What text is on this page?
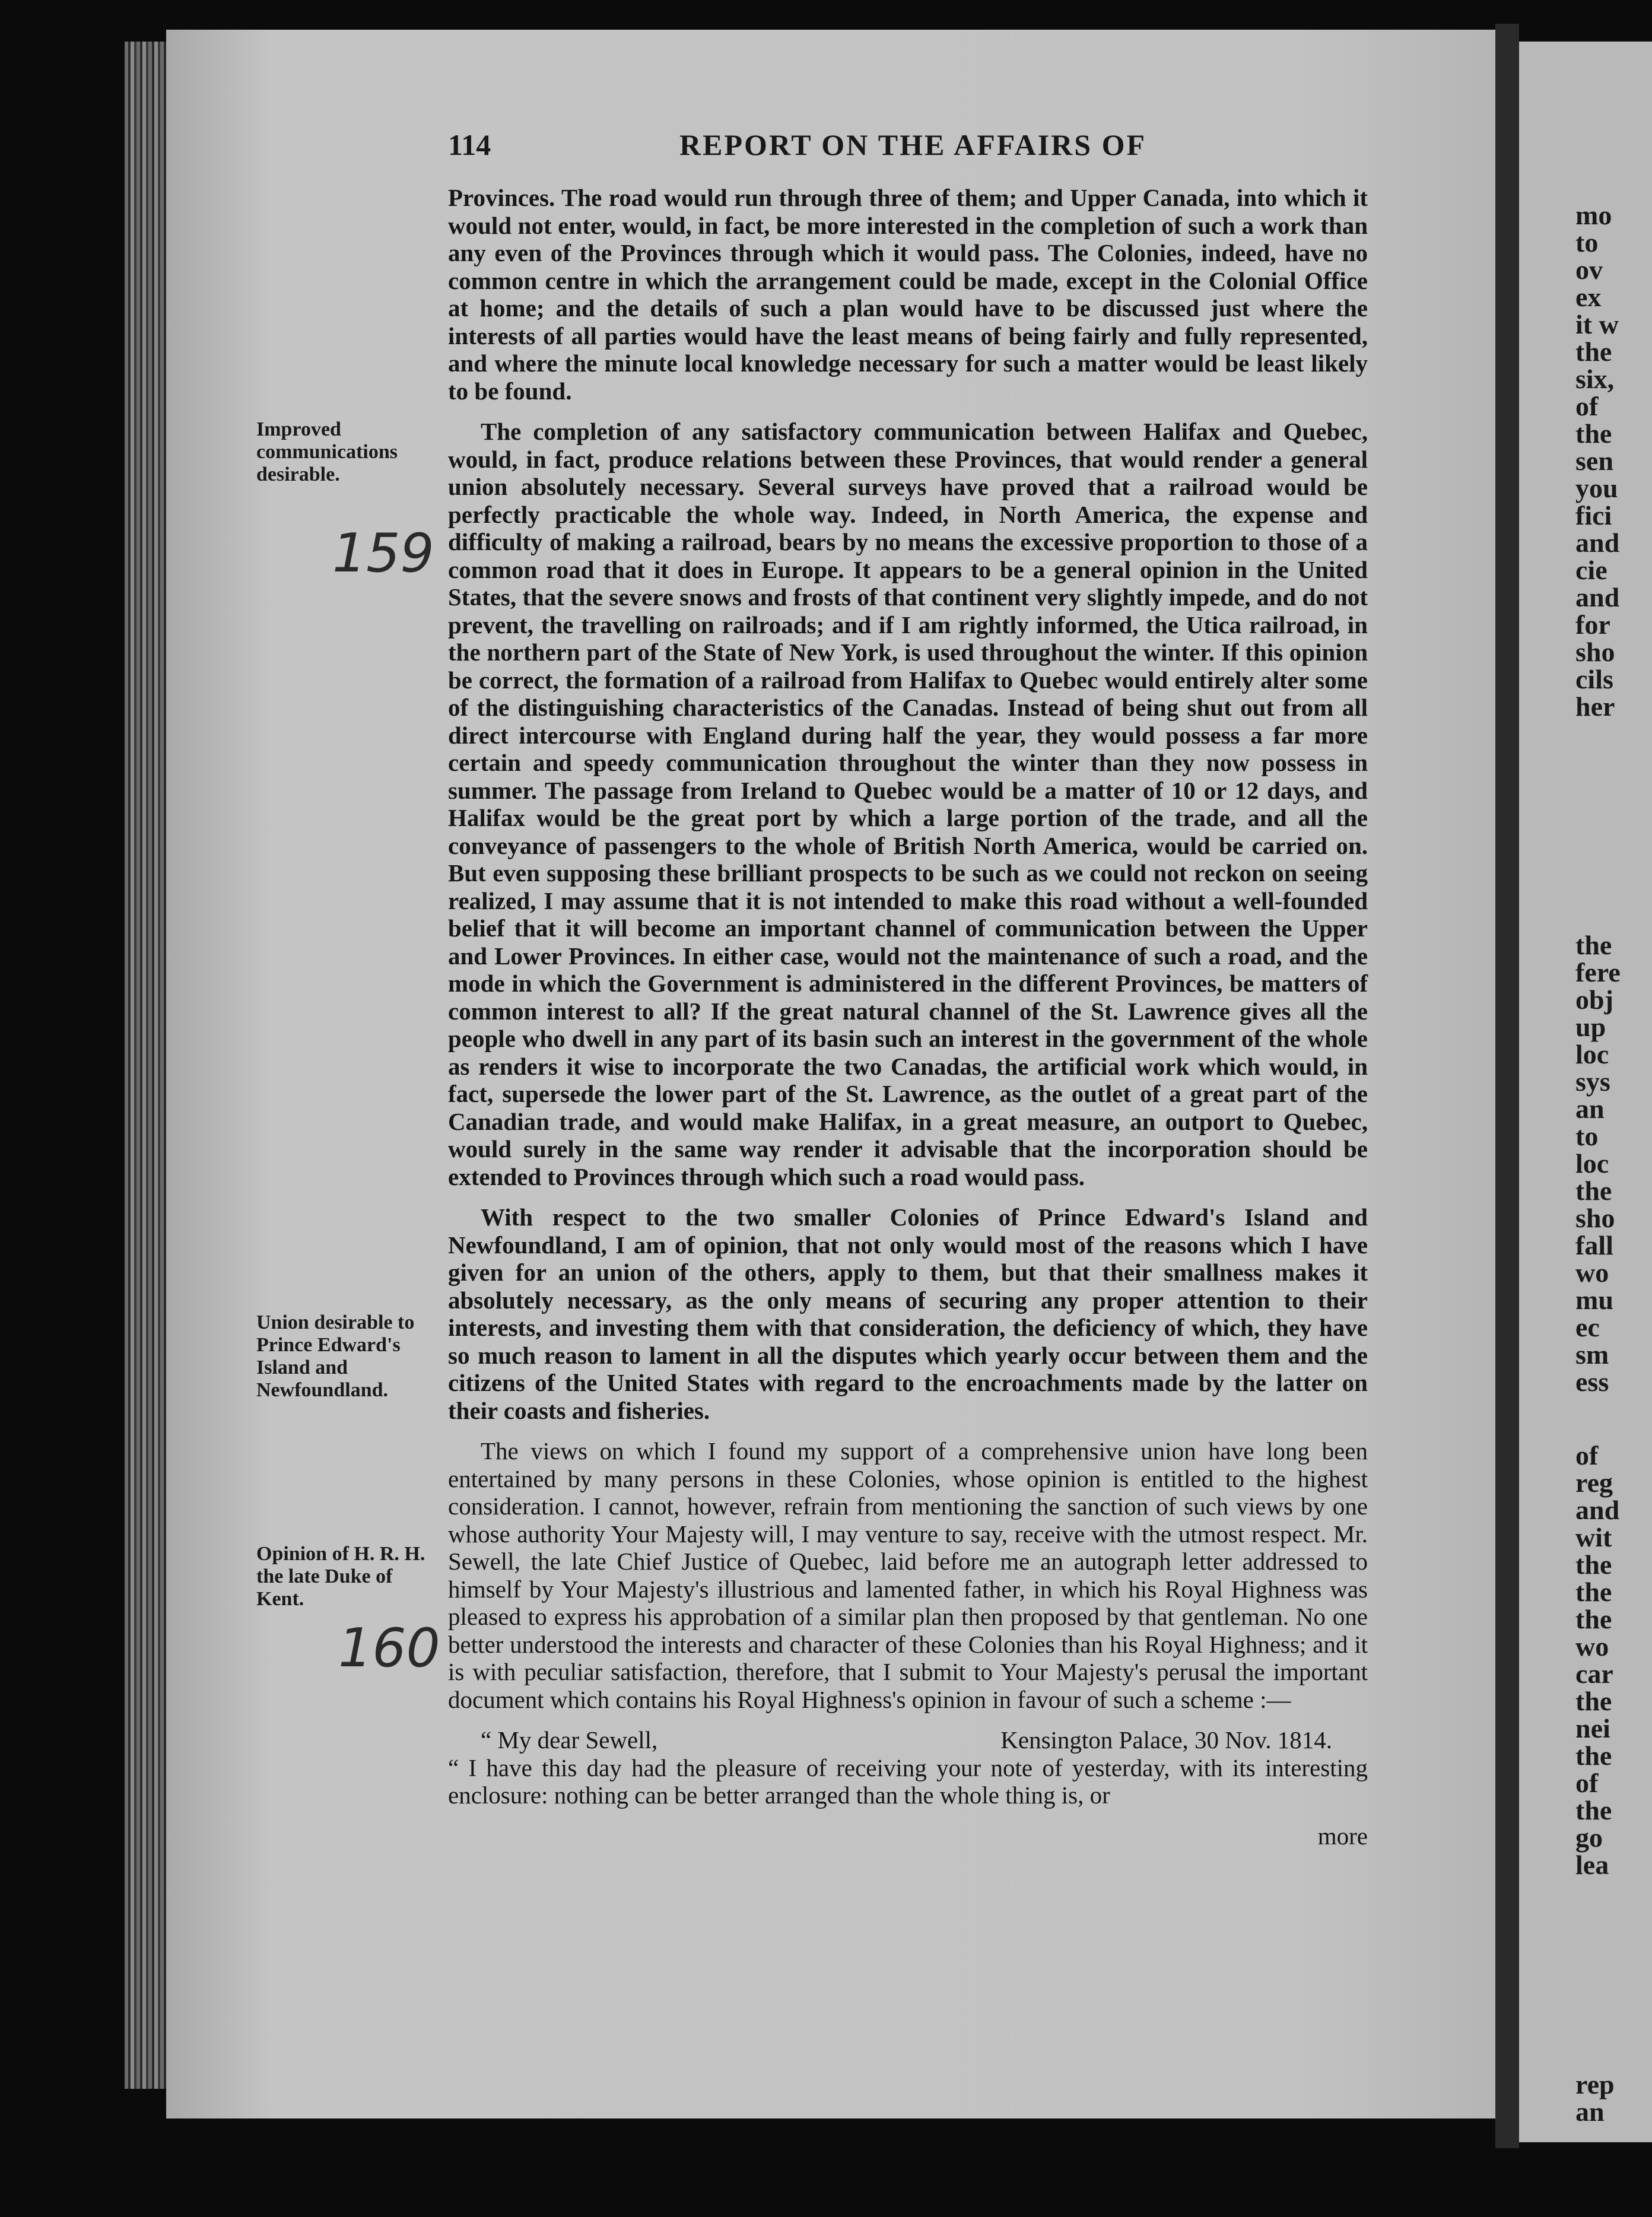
mo
to
ov
ex
it w
the
six,
of
the
sen
you
fici
and
cie
and
for
sho
cils
her
the
fere
obj
up
loc
sys
an
to
loc
the
sho
fall
wo
mu
ec
sm
ess
of
reg
and
wit
the
the
the
wo
car
the
nei
the
of
the
go
lea
rep
an
114	REPORT ON THE AFFAIRS OF
Improved communications desirable.
159
Union desirable to Prince Edward's Island and Newfoundland.
Opinion of H. R. H. the late Duke of Kent.
160

Provinces. The road would run through three of them; and Upper Canada, into which it would not enter, would, in fact, be more interested in the completion of such a work than any even of the Provinces through which it would pass. The Colonies, indeed, have no common centre in which the arrangement could be made, except in the Colonial Office at home; and the details of such a plan would have to be discussed just where the interests of all parties would have the least means of being fairly and fully represented, and where the minute local knowledge necessary for such a matter would be least likely to be found.

The completion of any satisfactory communication between Halifax and Quebec, would, in fact, produce relations between these Provinces, that would render a general union absolutely necessary. Several surveys have proved that a railroad would be perfectly practicable the whole way. Indeed, in North America, the expense and difficulty of making a railroad, bears by no means the excessive proportion to those of a common road that it does in Europe. It appears to be a general opinion in the United States, that the severe snows and frosts of that continent very slightly impede, and do not prevent, the travelling on railroads; and if I am rightly informed, the Utica railroad, in the northern part of the State of New York, is used throughout the winter. If this opinion be correct, the formation of a railroad from Halifax to Quebec would entirely alter some of the distinguishing characteristics of the Canadas. Instead of being shut out from all direct intercourse with England during half the year, they would possess a far more certain and speedy communication throughout the winter than they now possess in summer. The passage from Ireland to Quebec would be a matter of 10 or 12 days, and Halifax would be the great port by which a large portion of the trade, and all the conveyance of passengers to the whole of British North America, would be carried on. But even supposing these brilliant prospects to be such as we could not reckon on seeing realized, I may assume that it is not intended to make this road without a well-founded belief that it will become an important channel of communication between the Upper and Lower Provinces. In either case, would not the maintenance of such a road, and the mode in which the Government is administered in the different Provinces, be matters of common interest to all? If the great natural channel of the St. Lawrence gives all the people who dwell in any part of its basin such an interest in the government of the whole as renders it wise to incorporate the two Canadas, the artificial work which would, in fact, supersede the lower part of the St. Lawrence, as the outlet of a great part of the Canadian trade, and would make Halifax, in a great measure, an outport to Quebec, would surely in the same way render it advisable that the incorporation should be extended to Provinces through which such a road would pass.

With respect to the two smaller Colonies of Prince Edward's Island and Newfoundland, I am of opinion, that not only would most of the reasons which I have given for an union of the others, apply to them, but that their smallness makes it absolutely necessary, as the only means of securing any proper attention to their interests, and investing them with that consideration, the deficiency of which, they have so much reason to lament in all the disputes which yearly occur between them and the citizens of the United States with regard to the encroachments made by the latter on their coasts and fisheries.

The views on which I found my support of a comprehensive union have long been entertained by many persons in these Colonies, whose opinion is entitled to the highest consideration. I cannot, however, refrain from mentioning the sanction of such views by one whose authority Your Majesty will, I may venture to say, receive with the utmost respect. Mr. Sewell, the late Chief Justice of Quebec, laid before me an autograph letter addressed to himself by Your Majesty's illustrious and lamented father, in which his Royal Highness was pleased to express his approbation of a similar plan then proposed by that gentleman. No one better understood the interests and character of these Colonies than his Royal Highness; and it is with peculiar satisfaction, therefore, that I submit to Your Majesty's perusal the important document which contains his Royal Highness's opinion in favour of such a scheme :—

“ My dear Sewell,	Kensington Palace, 30 Nov. 1814.

“ I have this day had the pleasure of receiving your note of yesterday, with its interesting enclosure: nothing can be better arranged than the whole thing is, or

more
